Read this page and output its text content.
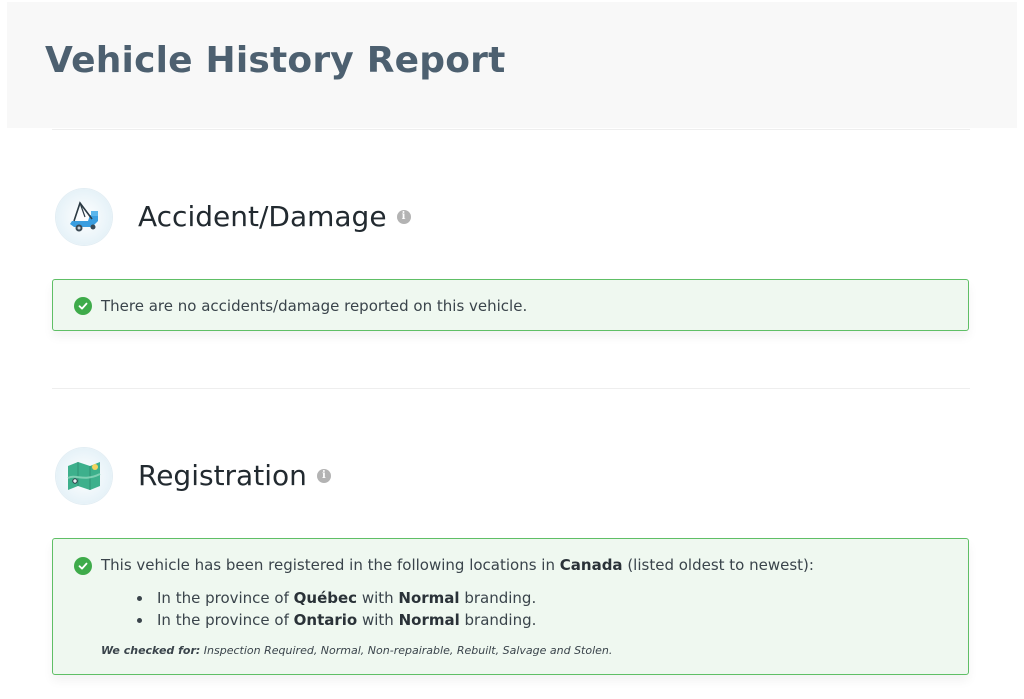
Vehicle History Report
Accident/Damage	i
There are no accidents/damage reported on this vehicle.
Registration	i
This vehicle has been registered in the following locations in Canada (listed oldest to newest):
• In the province of Québec with Normal branding.
• In the province of Ontario with Normal branding.
We checked for: Inspection Required, Normal, Non-repairable, Rebuilt, Salvage and Stolen.
